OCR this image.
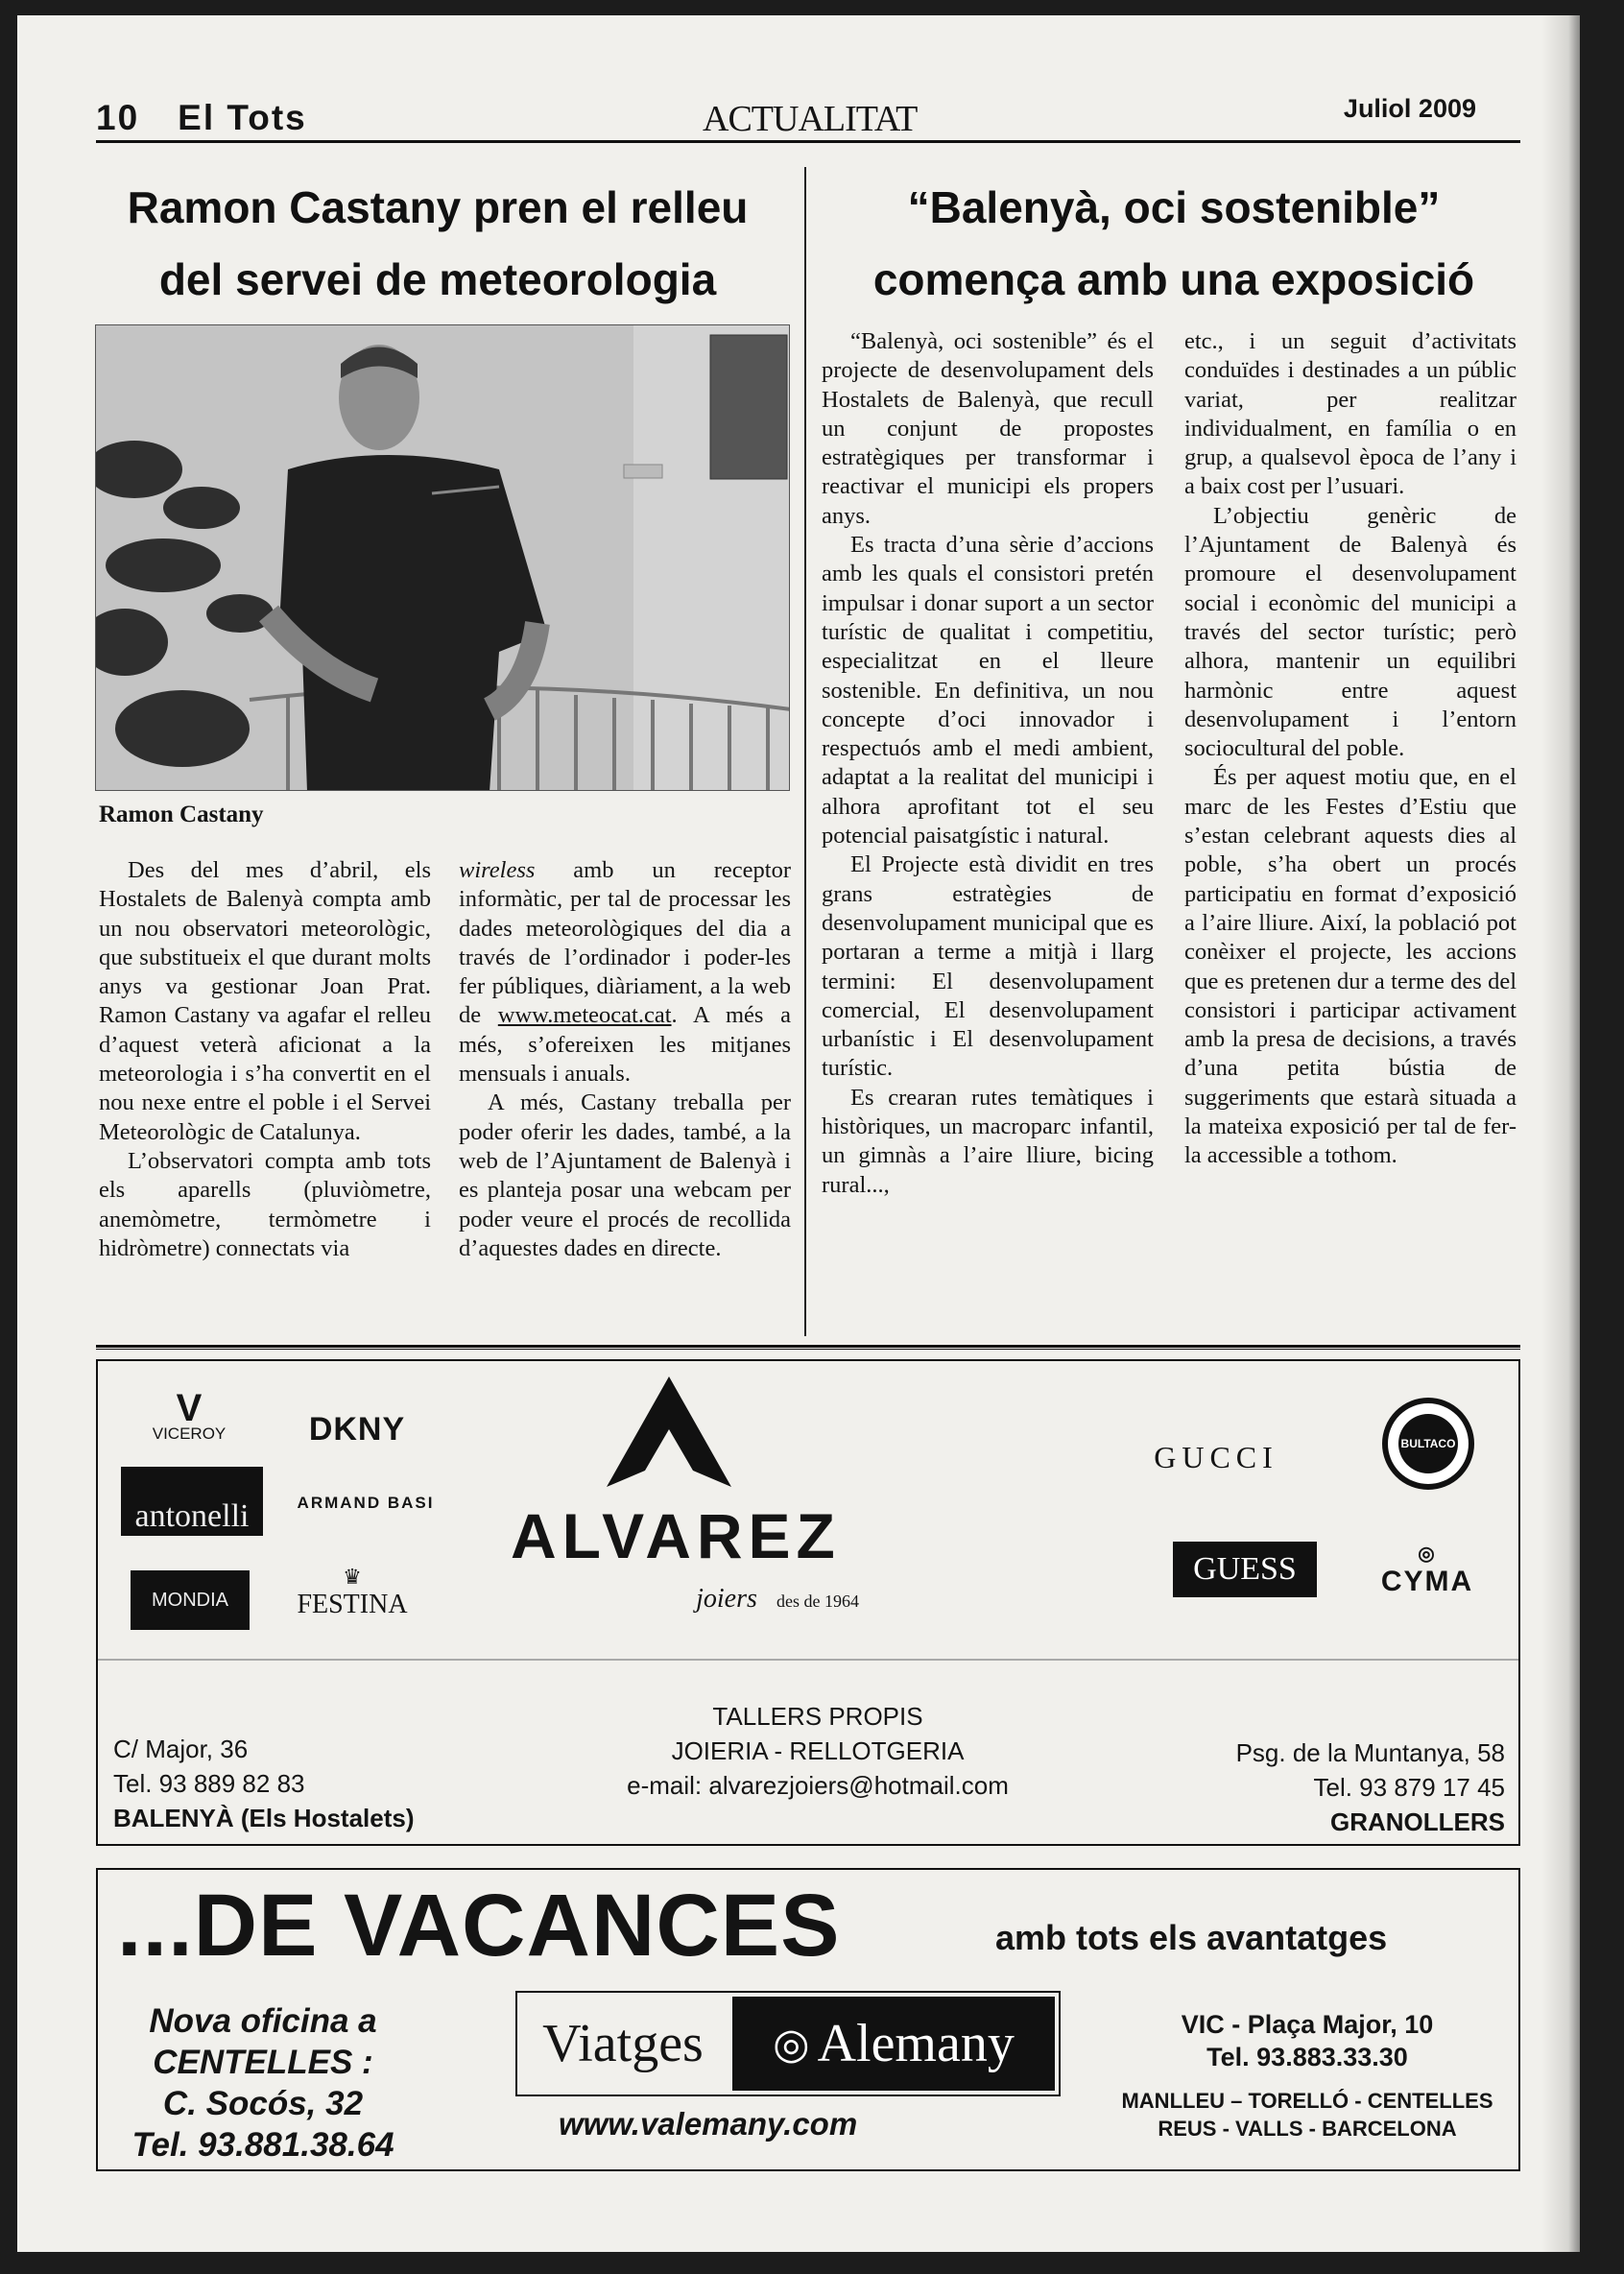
10 El Tots	ACTUALITAT	Juliol 2009
Ramon Castany pren el relleu del servei de meteorologia
“Balenyà, oci sostenible” comença amb una exposició
Ramon Castany

Des del mes d’abril, els Hostalets de Balenyà compta amb un nou observatori meteorològic, que substitueix el que durant molts anys va gestionar Joan Prat. Ramon Castany va agafar el relleu d’aquest veterà aficionat a la meteorologia i s’ha convertit en el nou nexe entre el poble i el Servei Meteorològic de Catalunya.

L’observatori compta amb tots els aparells (pluviòmetre, anemòmetre, termòmetre i hidròmetre) connectats via

wireless amb un receptor informàtic, per tal de processar les dades meteorològiques del dia a través de l’ordinador i poder-les fer públiques, diàriament, a la web de www.meteocat.cat. A més a més, s’ofereixen les mitjanes mensuals i anuals.

A més, Castany treballa per poder oferir les dades, també, a la web de l’Ajuntament de Balenyà i es planteja posar una webcam per poder veure el procés de recollida d’aquestes dades en directe.

“Balenyà, oci sostenible” és el projecte de desenvolupament dels Hostalets de Balenyà, que recull un conjunt de propostes estratègiques per transformar i reactivar el municipi els propers anys.

Es tracta d’una sèrie d’accions amb les quals el consistori pretén impulsar i donar suport a un sector turístic de qualitat i competitiu, especialitzat en el lleure sostenible. En definitiva, un nou concepte d’oci innovador i respectuós amb el medi ambient, adaptat a la realitat del municipi i alhora aprofitant tot el seu potencial paisatgístic i natural.

El Projecte està dividit en tres grans estratègies de desenvolupament municipal que es portaran a terme a mitjà i llarg termini: El desenvolupament comercial, El desenvolupament urbanístic i El desenvolupament turístic.

Es crearan rutes temàtiques i històriques, un macroparc infantil, un gimnàs a l’aire lliure, bicing rural...,

etc., i un seguit d’activitats conduïdes i destinades a un públic variat, per realitzar individualment, en família o en grup, a qualsevol època de l’any i a baix cost per l’usuari.

L’objectiu genèric de l’Ajuntament de Balenyà és promoure el desenvolupament social i econòmic del municipi a través del sector turístic; però alhora, mantenir un equilibri harmònic entre aquest desenvolupament i l’entorn sociocultural del poble.

És per aquest motiu que, en el marc de les Festes d’Estiu que s’estan celebrant aquests dies al poble, s’ha obert un procés participatiu en format d’exposició a l’aire lliure. Així, la població pot conèixer el projecte, les accions que es pretenen dur a terme des del consistori i participar activament amb la presa de decisions, a través d’una petita bústia de suggeriments que estarà situada a la mateixa exposició per tal de fer-la accessible a tothom.

V
VICEROY	DKNY
antonelli	ARMAND BASI
MONDIA
♛
FESTINA
ALVAREZ
joiers	des de 1964
GUCCI	BULTACO
GUESS	◎
CYMA
C/ Major, 36
Tel. 93 889 82 83
BALENYÀ (Els Hostalets)
TALLERS PROPIS
JOIERIA - RELLOTGERIA
e-mail: alvarezjoiers@hotmail.com
Psg. de la Muntanya, 58
Tel. 93 879 17 45
GRANOLLERS
...DE VACANCES	amb tots els avantatges
Nova oficina a
CENTELLES :
C. Socós, 32
Tel. 93.881.38.64
Viatges	◎ Alemany
www.valemany.com
VIC - Plaça Major, 10
Tel. 93.883.33.30
MANLLEU – TORELLÓ - CENTELLES
REUS - VALLS - BARCELONA
